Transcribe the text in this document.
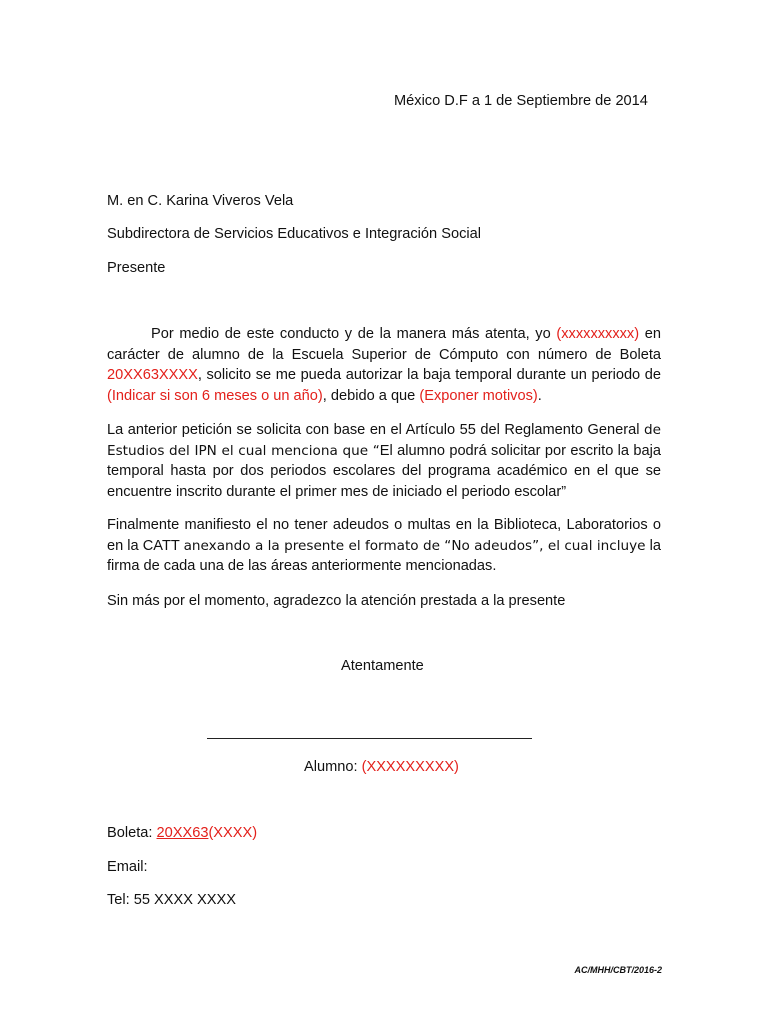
México D.F a 1 de Septiembre de 2014
M. en C. Karina Viveros Vela
Subdirectora de Servicios Educativos e Integración Social
Presente
Por medio de este conducto y de la manera más atenta, yo (xxxxxxxxxx) en carácter de alumno de la Escuela Superior de Cómputo con número de Boleta 20XX63XXXX, solicito se me pueda autorizar la baja temporal durante un periodo de (Indicar si son 6 meses o un año), debido a que (Exponer motivos).
La anterior petición se solicita con base en el Artículo 55 del Reglamento General de Estudios del IPN el cual menciona que “El alumno podrá solicitar por escrito la baja temporal hasta por dos periodos escolares del programa académico en el que se encuentre inscrito durante el primer mes de iniciado el periodo escolar”
Finalmente manifiesto el no tener adeudos o multas en la Biblioteca, Laboratorios o en la CATT anexando a la presente el formato de “No adeudos”, el cual incluye la firma de cada una de las áreas anteriormente mencionadas.
Sin más por el momento, agradezco la atención prestada a la presente
Atentamente
Alumno: (XXXXXXXXX)
Boleta: 20XX63(XXXX)
Email:
Tel: 55 XXXX XXXX
AC/MHH/CBT/2016-2
